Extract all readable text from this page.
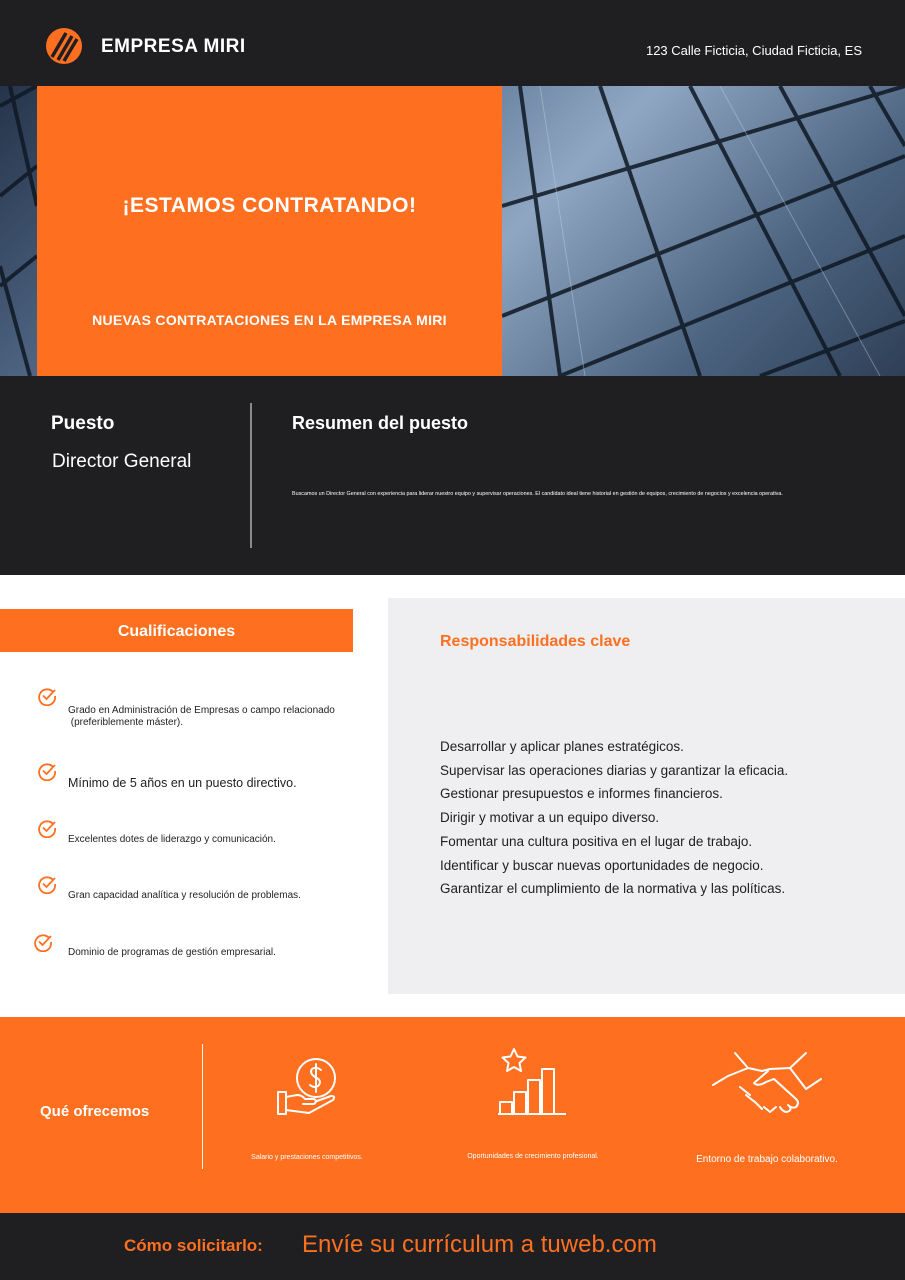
EMPRESA MIRI	123 Calle Ficticia, Ciudad Ficticia, ES
¡ESTAMOS CONTRATANDO!
NUEVAS CONTRATACIONES EN LA EMPRESA MIRI
Puesto
Director General
Resumen del puesto
Buscamos un Director General con experiencia para liderar nuestro equipo y supervisar operaciones. El candidato ideal tiene historial en gestión de equipos, crecimiento de negocios y excelencia operativa.
Cualificaciones
Grado en Administración de Empresas o campo relacionado
(preferiblemente máster).
Mínimo de 5 años en un puesto directivo.
Excelentes dotes de liderazgo y comunicación.
Gran capacidad analítica y resolución de problemas.
Dominio de programas de gestión empresarial.
Responsabilidades clave
Desarrollar y aplicar planes estratégicos.
Supervisar las operaciones diarias y garantizar la eficacia.
Gestionar presupuestos e informes financieros.
Dirigir y motivar a un equipo diverso.
Fomentar una cultura positiva en el lugar de trabajo.
Identificar y buscar nuevas oportunidades de negocio.
Garantizar el cumplimiento de la normativa y las políticas.
Qué ofrecemos
Salario y prestaciones competitivos.	Oportunidades de crecimiento profesional.	Entorno de trabajo colaborativo.
Cómo solicitarlo: Envíe su currículum a tuweb.com
